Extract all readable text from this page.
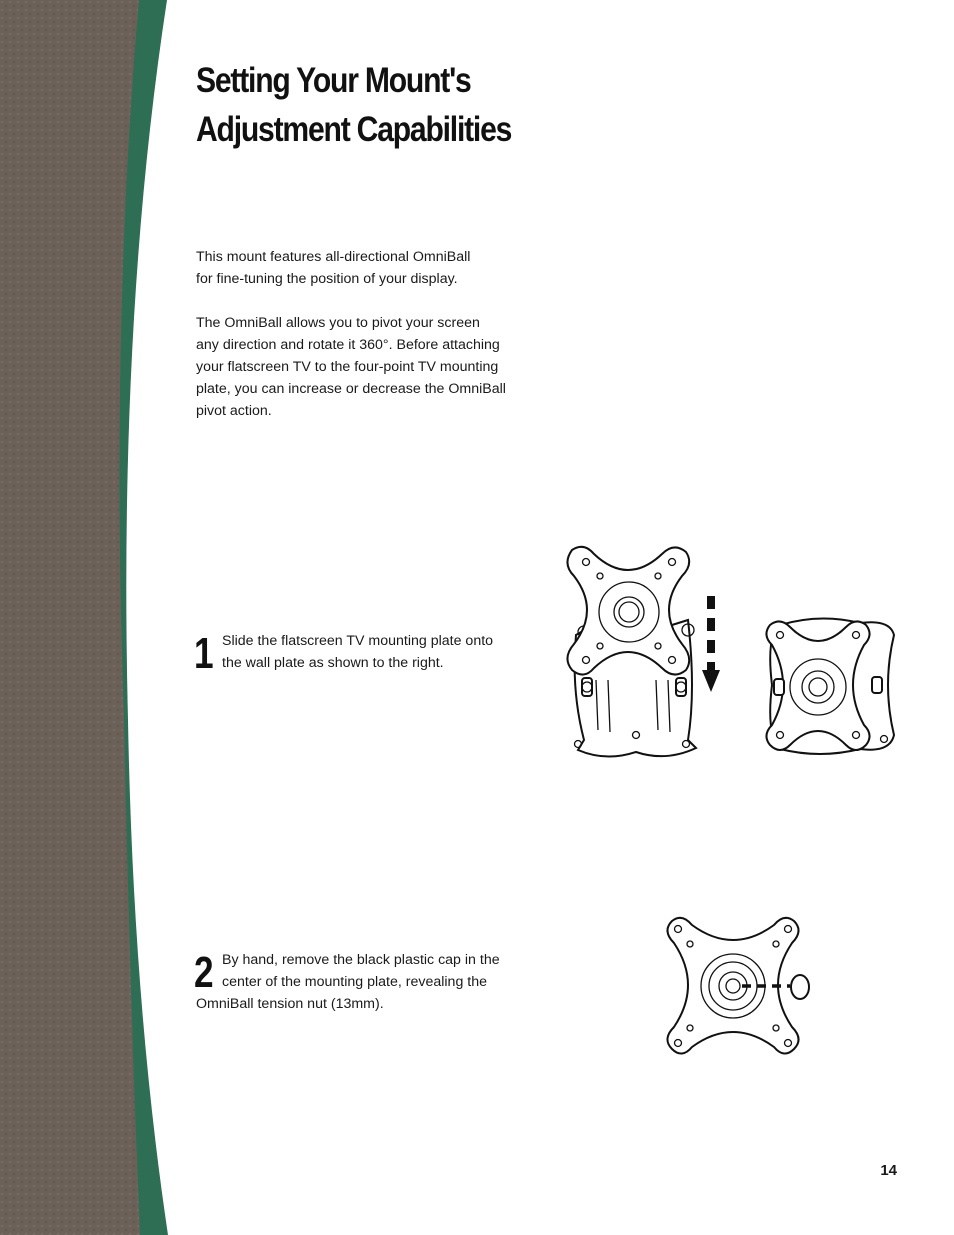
Setting Your Mount's
Adjustment Capabilities

This mount features all-directional OmniBall
for fine-tuning the position of your display.

The OmniBall allows you to pivot your screen
any direction and rotate it 360°. Before attaching
your flatscreen TV to the four-point TV mounting
plate, you can increase or decrease the OmniBall
pivot action.

1 Slide the flatscreen TV mounting plate onto
the wall plate as shown to the right.
2 By hand, remove the black plastic cap in the
center of the mounting plate, revealing the
OmniBall tension nut (13mm).
14
